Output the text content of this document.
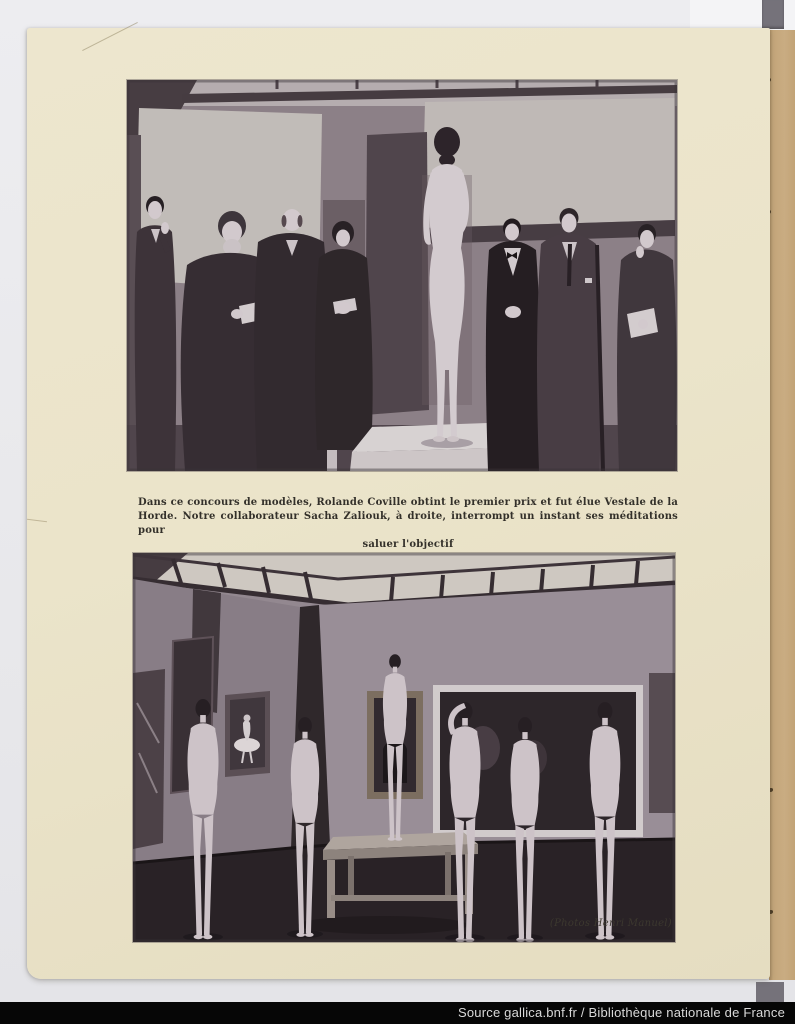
Dans ce concours de modèles, Rolande Coville obtint le premier prix et fut élue Vestale de la
Horde. Notre collaborateur Sacha Zaliouk, à droite, interrompt un instant ses méditations pour
saluer l'objectif
(Photos Henri Manuel)
Source gallica.bnf.fr / Bibliothèque nationale de France
